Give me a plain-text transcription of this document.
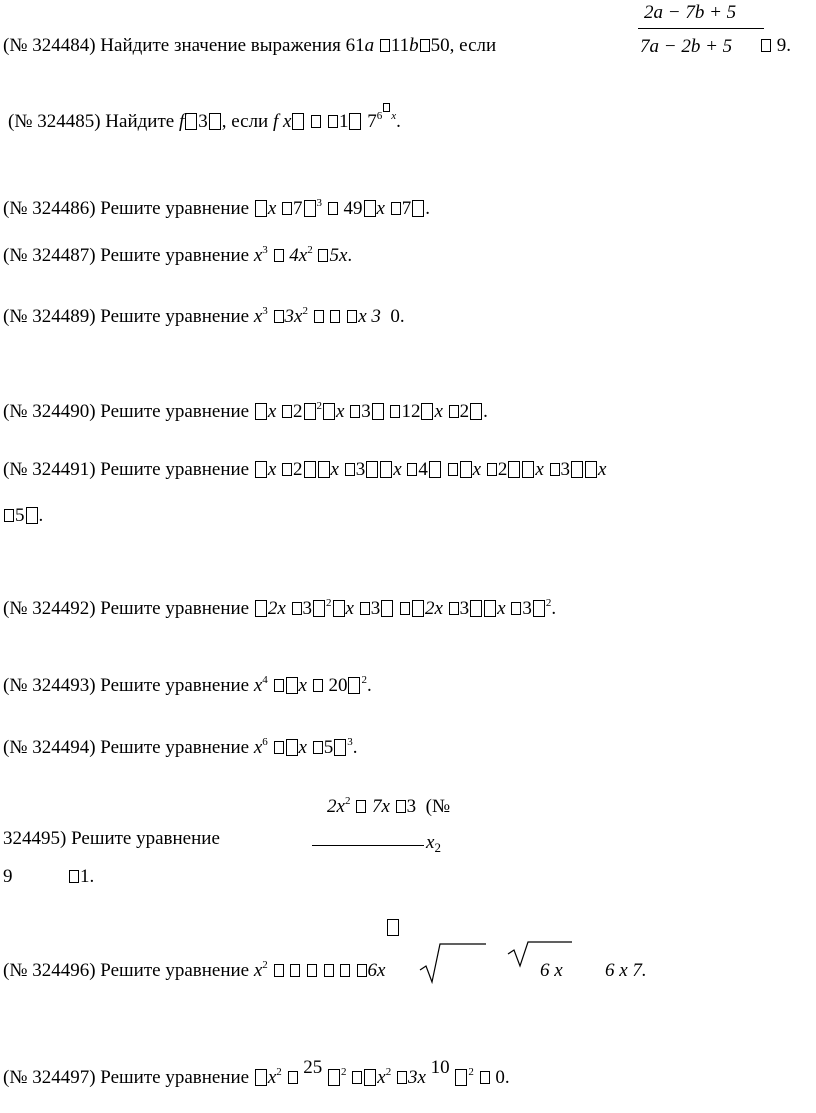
(№ 324484) Найдите значение выражения 61a 11b 50, если
2a − 7b + 5
7a − 2b + 5	9.
(№ 324485) Найдите f 3 , если f x	1 $7^{6 x}$.
(№ 324486) Решите уравнение x 7 $^3$ 49 x 7 .
(№ 324487) Решите уравнение $x^3$ $4x^2$ 5x.
(№ 324489) Решите уравнение $x^3$ $3x^2$	x 3 0.
(№ 324490) Решите уравнение x 2 $^2$ x 3 12 x 2 .
(№ 324491) Решите уравнение x 2 x 3 x 4 x 2 x 3 x
5 .
(№ 324492) Решите уравнение 2x 3 $^2$ x 3 2x 3 x 3 $^2$.
(№ 324493) Решите уравнение $x^4$ x 20 $^2$.
(№ 324494) Решите уравнение $x^6$ x 5 $^3$.
$2x^2$ 7x 3 (№
324495) Решите уравнение	$x_2$
9	1.
(№ 324496) Решите уравнение $x^2$	6x	6 x 6 x 7.
(№ 324497) Решите уравнение $x^2$ 25 $^2$ $x^2$ 3x 10 $^2$ 0.
